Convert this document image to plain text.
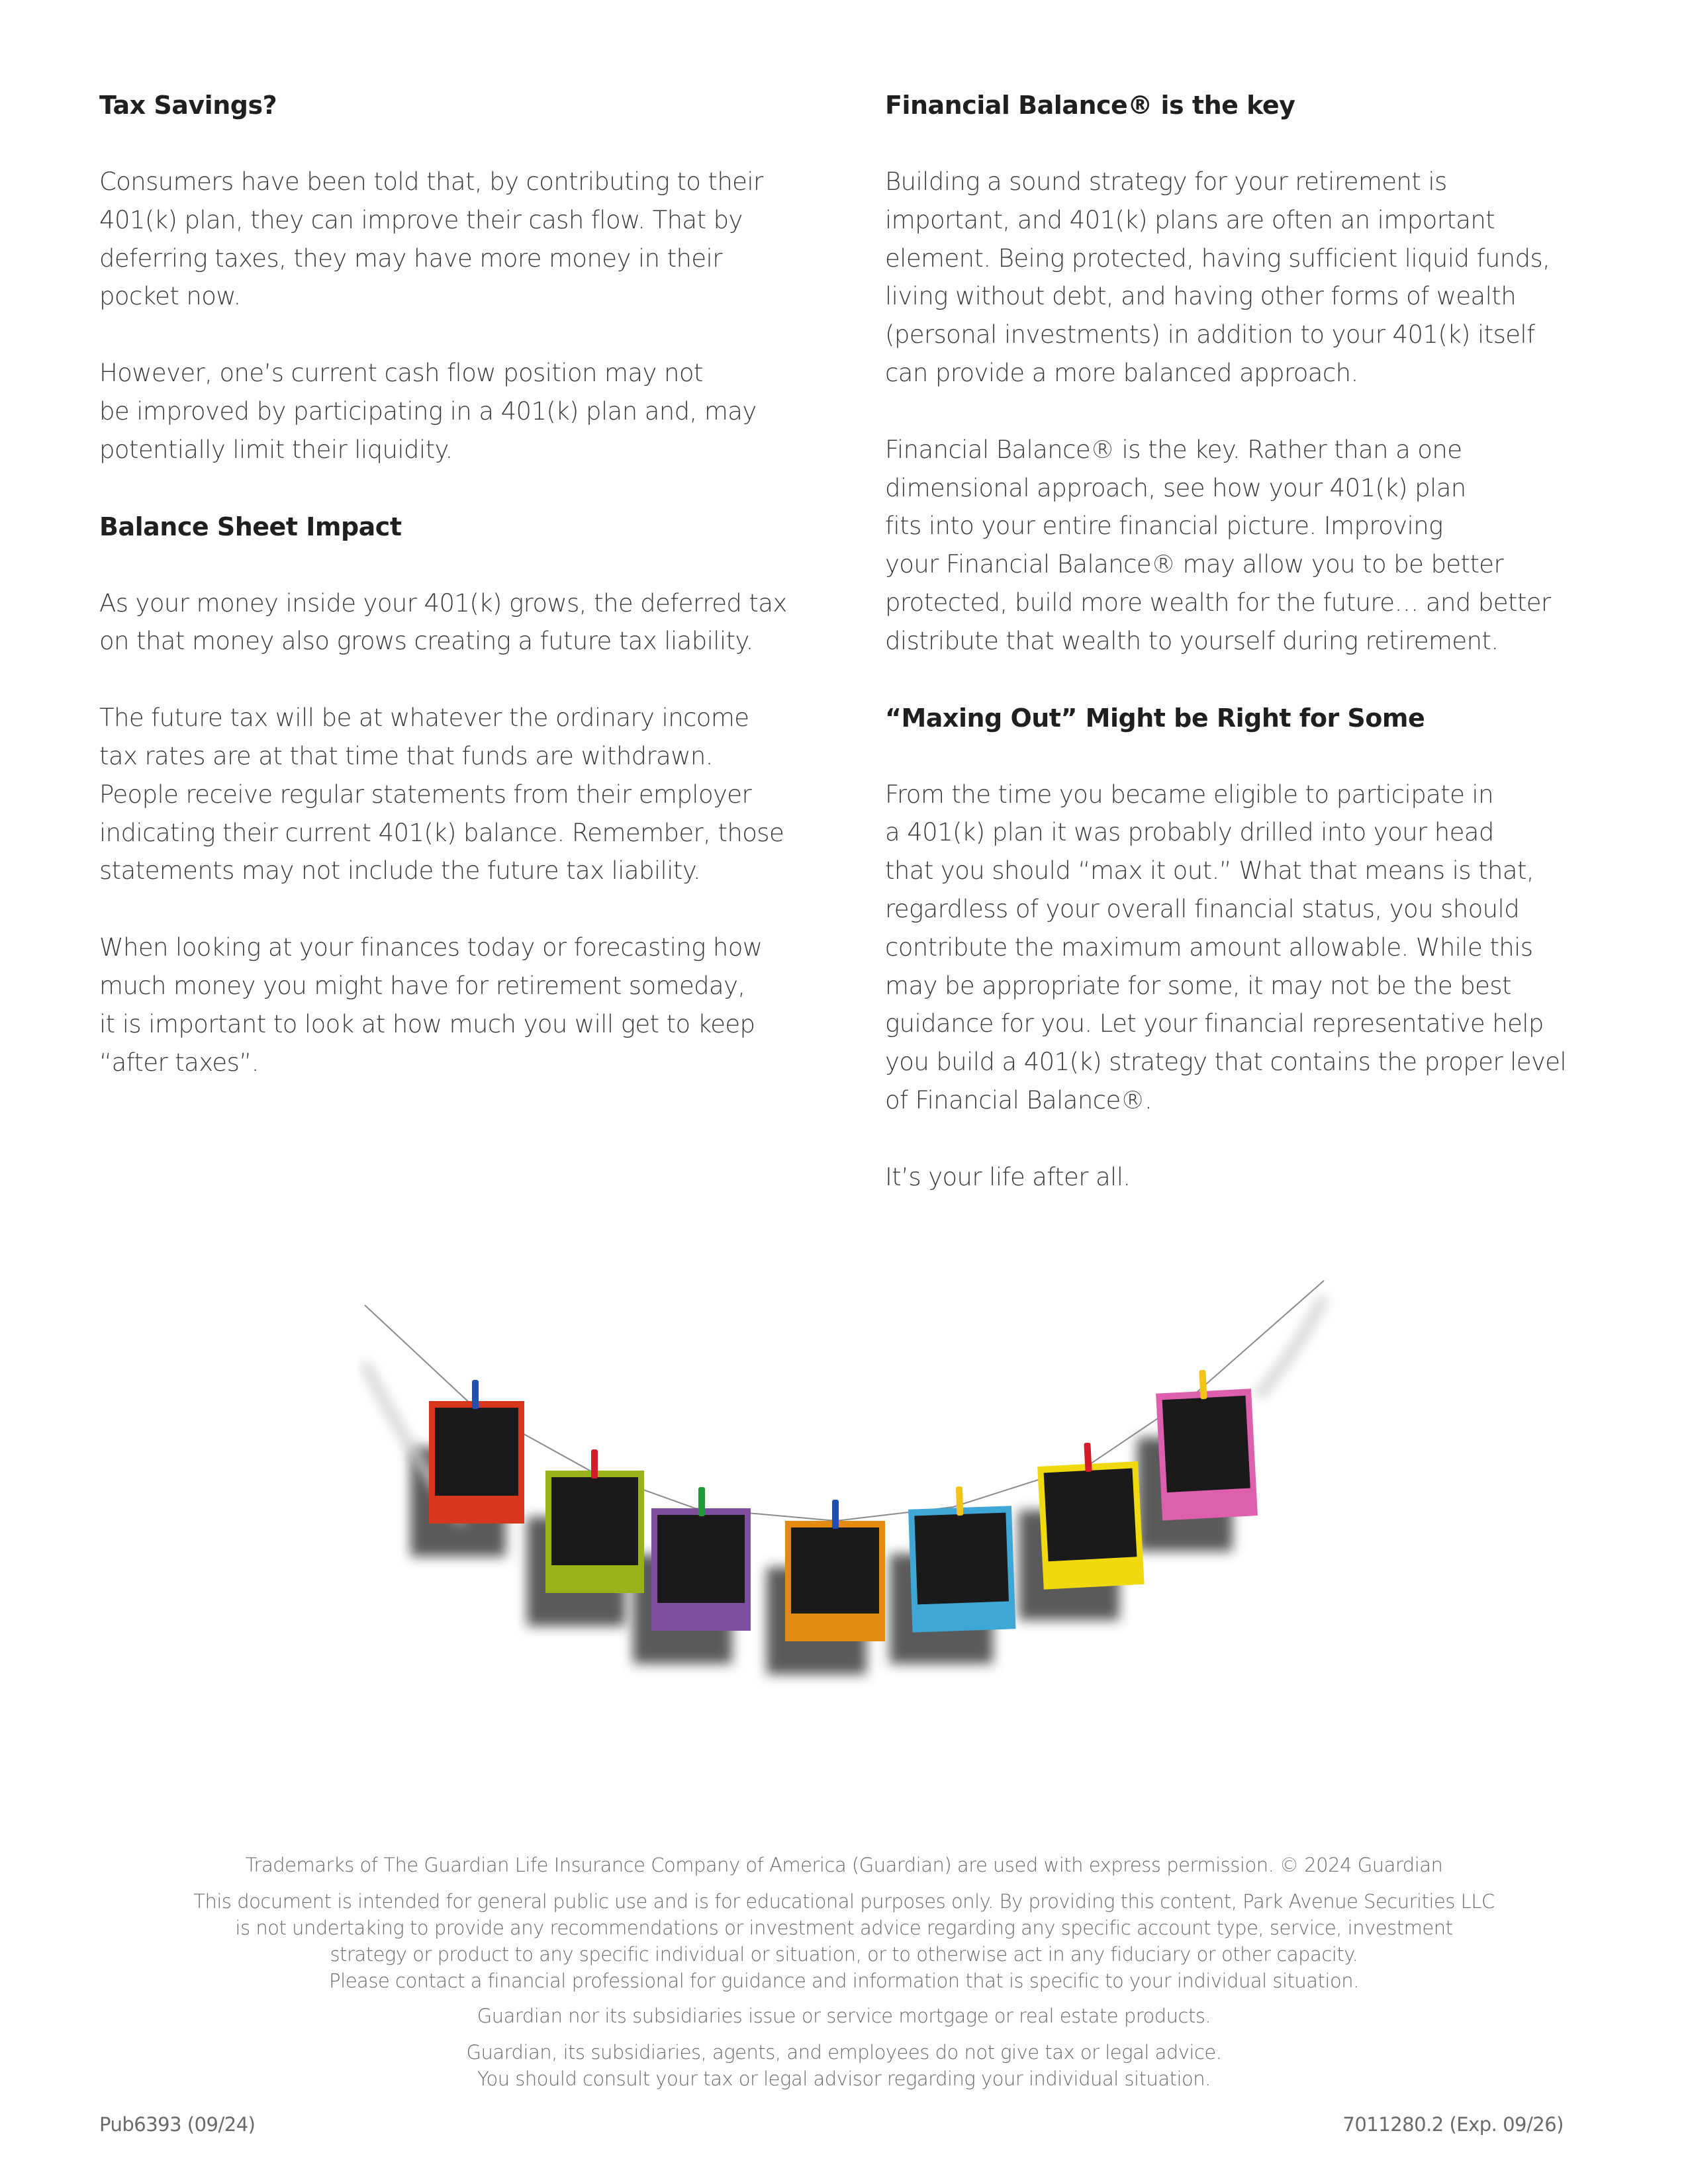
Tax Savings?
Consumers have been told that, by contributing to their
401(k) plan, they can improve their cash flow. That by
deferring taxes, they may have more money in their
pocket now.
However, one’s current cash flow position may not
be improved by participating in a 401(k) plan and, may
potentially limit their liquidity.
Balance Sheet Impact
As your money inside your 401(k) grows, the deferred tax
on that money also grows creating a future tax liability.
The future tax will be at whatever the ordinary income
tax rates are at that time that funds are withdrawn.
People receive regular statements from their employer
indicating their current 401(k) balance. Remember, those
statements may not include the future tax liability.
When looking at your finances today or forecasting how
much money you might have for retirement someday,
it is important to look at how much you will get to keep
“after taxes”.
Financial Balance® is the key
Building a sound strategy for your retirement is
important, and 401(k) plans are often an important
element. Being protected, having sufficient liquid funds,
living without debt, and having other forms of wealth
(personal investments) in addition to your 401(k) itself
can provide a more balanced approach.
Financial Balance® is the key. Rather than a one
dimensional approach, see how your 401(k) plan
fits into your entire financial picture. Improving
your Financial Balance® may allow you to be better
protected, build more wealth for the future… and better
distribute that wealth to yourself during retirement.
“Maxing Out” Might be Right for Some
From the time you became eligible to participate in
a 401(k) plan it was probably drilled into your head
that you should “max it out.” What that means is that,
regardless of your overall financial status, you should
contribute the maximum amount allowable. While this
may be appropriate for some, it may not be the best
guidance for you. Let your financial representative help
you build a 401(k) strategy that contains the proper level
of Financial Balance®.
It’s your life after all.
Trademarks of The Guardian Life Insurance Company of America (Guardian) are used with express permission. © 2024 Guardian
This document is intended for general public use and is for educational purposes only. By providing this content, Park Avenue Securities LLC
is not undertaking to provide any recommendations or investment advice regarding any specific account type, service, investment
strategy or product to any specific individual or situation, or to otherwise act in any fiduciary or other capacity.
Please contact a financial professional for guidance and information that is specific to your individual situation.
Guardian nor its subsidiaries issue or service mortgage or real estate products.
Guardian, its subsidiaries, agents, and employees do not give tax or legal advice.
You should consult your tax or legal advisor regarding your individual situation.
Pub6393 (09/24)	7011280.2 (Exp. 09/26)
